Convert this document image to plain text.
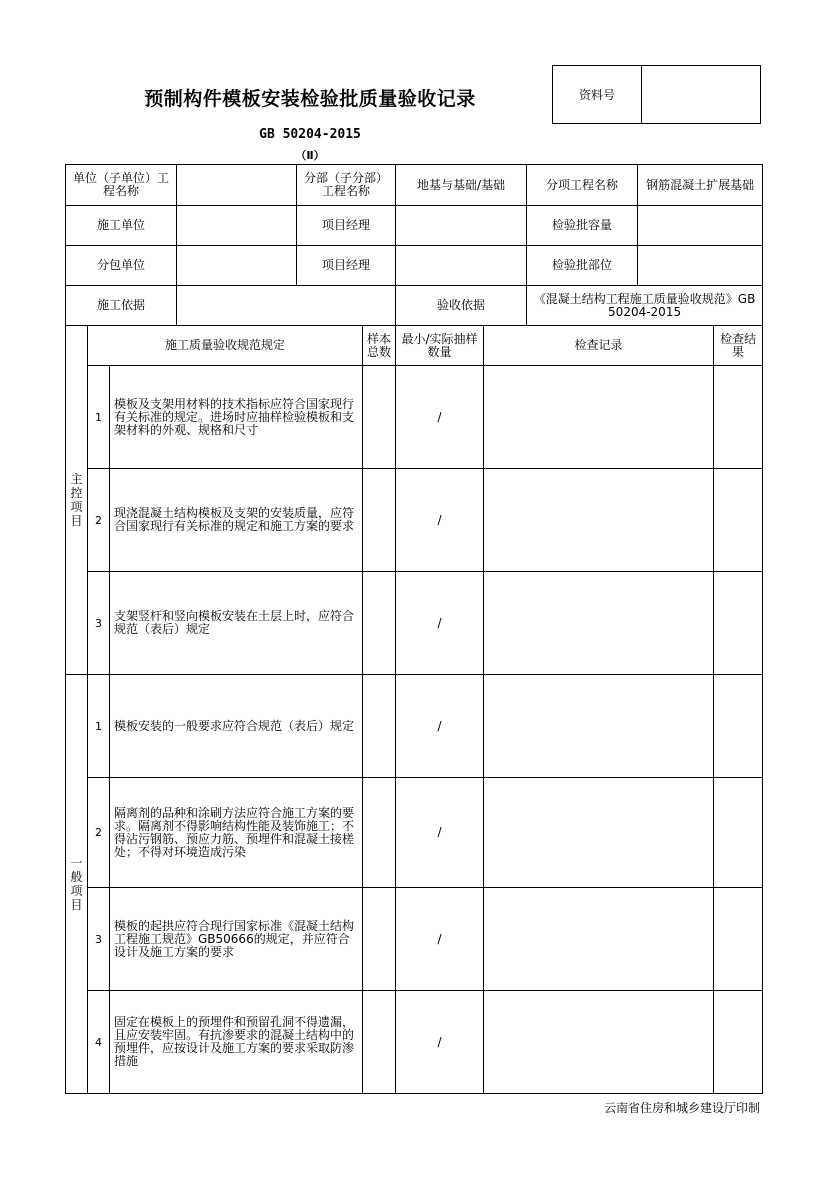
预制构件模板安装检验批质量验收记录	资料号
GB 50204-2015
（Ⅱ）
单位（子单位）工程名称				分部（子分部）工程名称		地基与基础/基础		分项工程名称	钢筋混凝土扩展基础	
施工单位				项目经理				检验批容量		
分包单位				项目经理				检验批部位		
施工依据						验收依据		《混凝土结构工程施工质量验收规范》GB50204-2015		
主控项目	施工质量验收规范规定				样本总数	最小/实际抽样数量	检查记录			检查结果
	1	模板及支架用材料的技术指标应符合国家现行有关标准的规定。进场时应抽样检验模板和支架材料的外观、规格和尺寸				/				
	2	现浇混凝土结构模板及支架的安装质量，应符合国家现行有关标准的规定和施工方案的要求				/				
	3	支架竖杆和竖向模板安装在土层上时，应符合规范（表后）规定				/				
一般项目	1	模板安装的一般要求应符合规范（表后）规定				/				
	2	隔离剂的品种和涂刷方法应符合施工方案的要求。隔离剂不得影响结构性能及装饰施工；不得沾污钢筋、预应力筋、预埋件和混凝土接槎处；不得对环境造成污染				/				
	3	模板的起拱应符合现行国家标准《混凝土结构工程施工规范》GB50666的规定，并应符合设计及施工方案的要求				/				
	4	固定在模板上的预埋件和预留孔洞不得遗漏，且应安装牢固。有抗渗要求的混凝土结构中的预埋件，应按设计及施工方案的要求采取防渗措施				/				
云南省住房和城乡建设厅印制
